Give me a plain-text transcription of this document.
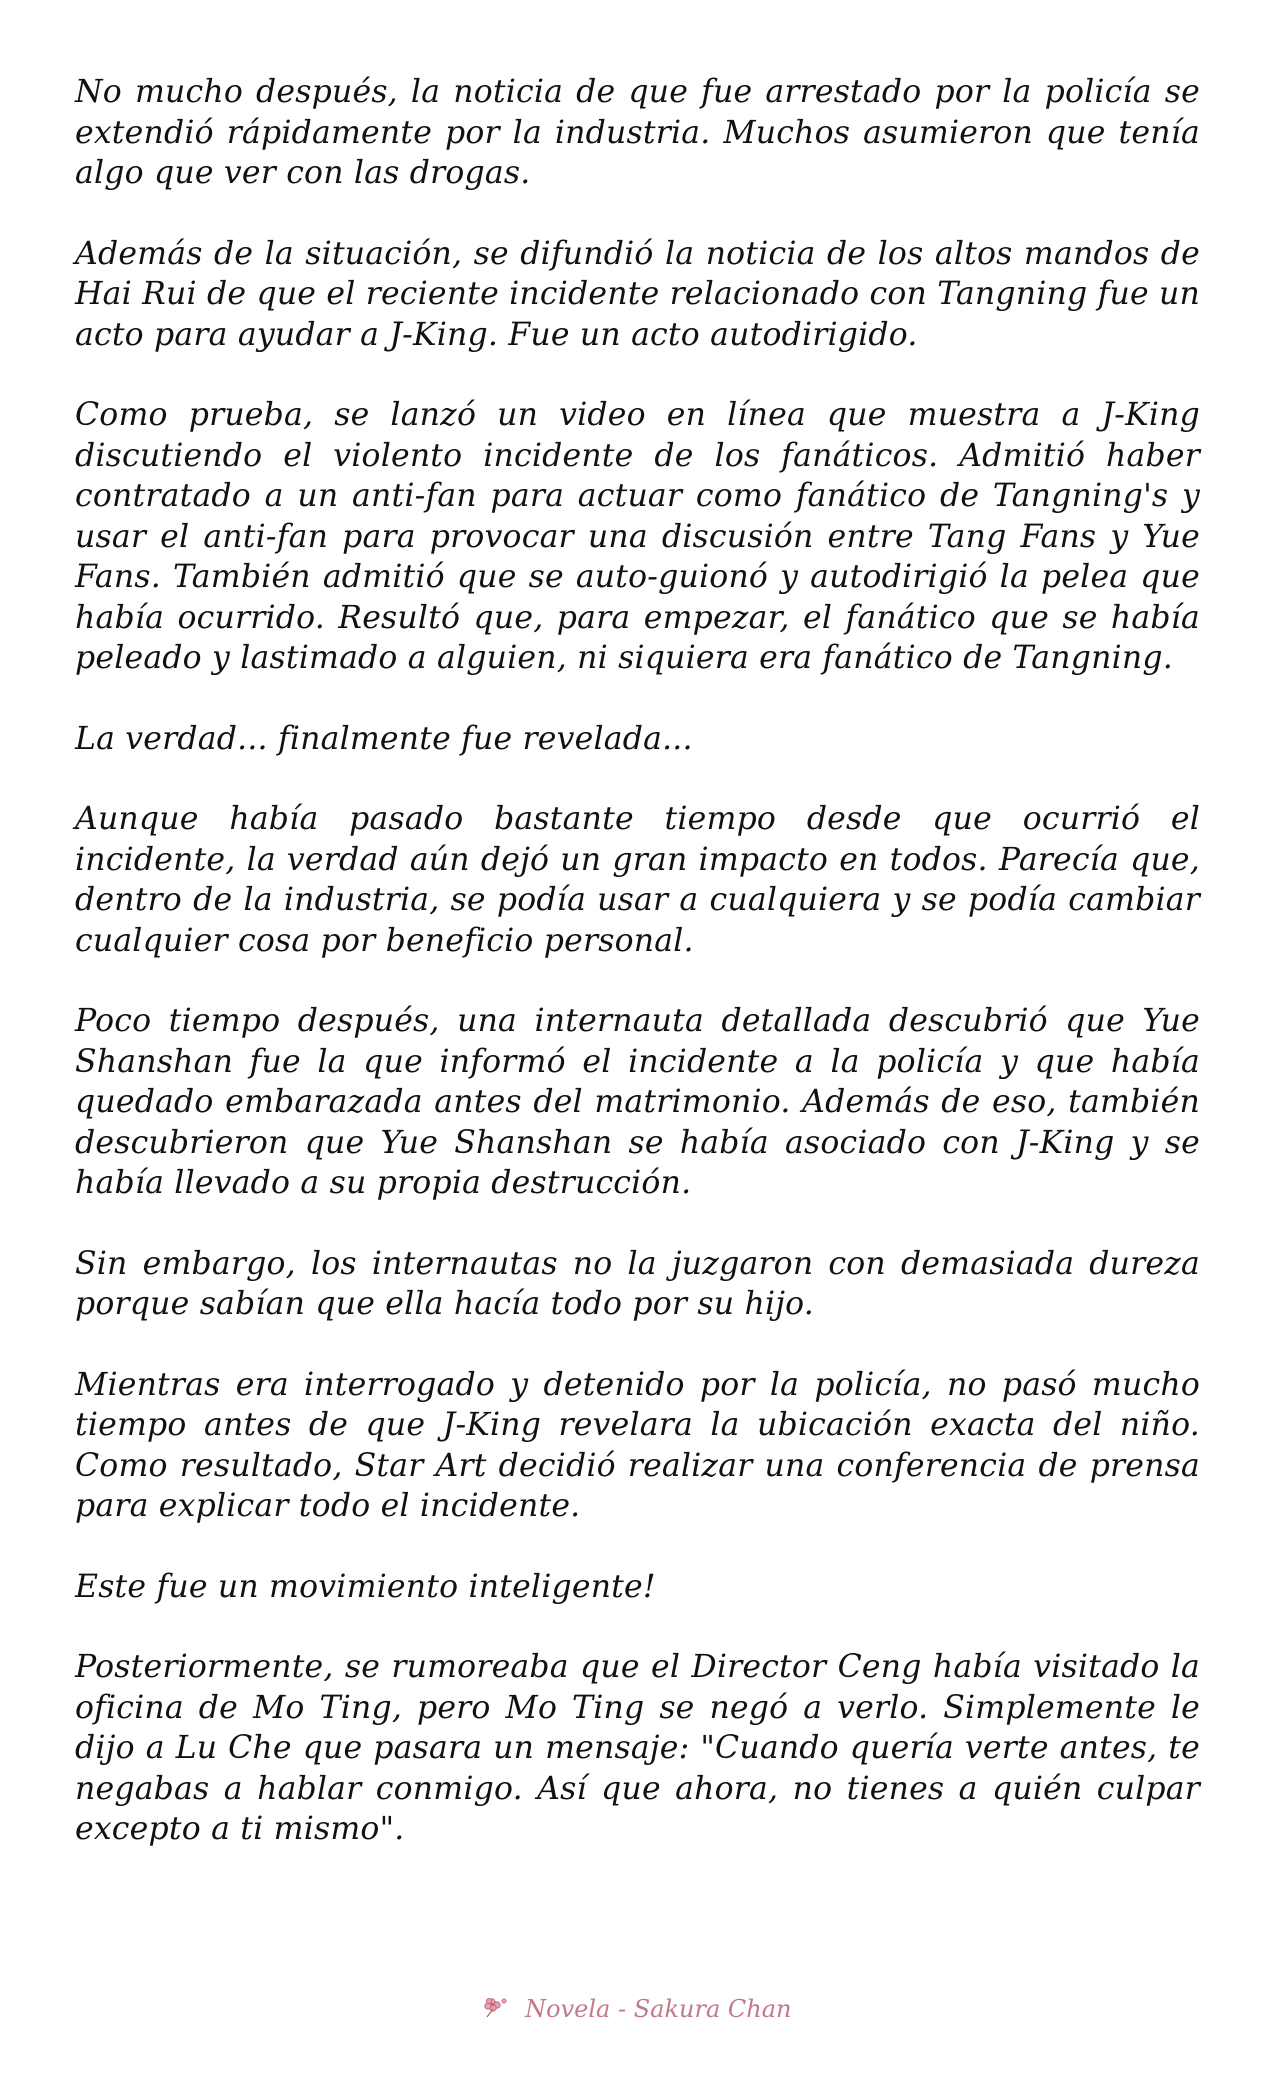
No mucho después, la noticia de que fue arrestado por la policía se extendió rápidamente por la industria. Muchos asumieron que tenía algo que ver con las drogas.

Además de la situación, se difundió la noticia de los altos mandos de Hai Rui de que el reciente incidente relacionado con Tangning fue un acto para ayudar a J-King. Fue un acto autodirigido.

Como prueba, se lanzó un video en línea que muestra a J-King discutiendo el violento incidente de los fanáticos. Admitió haber contratado a un anti-fan para actuar como fanático de Tangning's y usar el anti-fan para provocar una discusión entre Tang Fans y Yue Fans. También admitió que se auto-guionó y autodirigió la pelea que había ocurrido. Resultó que, para empezar, el fanático que se había peleado y lastimado a alguien, ni siquiera era fanático de Tangning.

La verdad... finalmente fue revelada...

Aunque había pasado bastante tiempo desde que ocurrió el incidente, la verdad aún dejó un gran impacto en todos. Parecía que, dentro de la industria, se podía usar a cualquiera y se podía cambiar cualquier cosa por beneficio personal.

Poco tiempo después, una internauta detallada descubrió que Yue Shanshan fue la que informó el incidente a la policía y que había quedado embarazada antes del matrimonio. Además de eso, también descubrieron que Yue Shanshan se había asociado con J-King y se había llevado a su propia destrucción.

Sin embargo, los internautas no la juzgaron con demasiada dureza porque sabían que ella hacía todo por su hijo.

Mientras era interrogado y detenido por la policía, no pasó mucho tiempo antes de que J-King revelara la ubicación exacta del niño. Como resultado, Star Art decidió realizar una conferencia de prensa para explicar todo el incidente.

Este fue un movimiento inteligente!

Posteriormente, se rumoreaba que el Director Ceng había visitado la oficina de Mo Ting, pero Mo Ting se negó a verlo. Simplemente le dijo a Lu Che que pasara un mensaje: "Cuando quería verte antes, te negabas a hablar conmigo. Así que ahora, no tienes a quién culpar excepto a ti mismo".

Novela - Sakura Chan
